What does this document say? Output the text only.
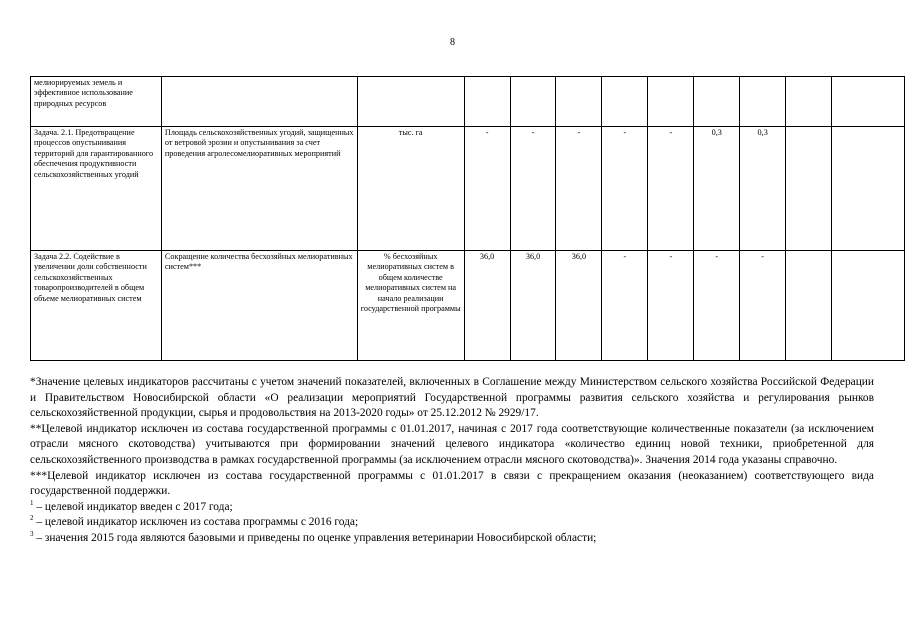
8
мелиорируемых земель и эффективное использование природных ресурсов											
Задача. 2.1. Предотвращение процессов опустынивания территорий для гарантированного обеспечения продуктивности сельскохозяйственных угодий	Площадь сельскохозяйственных угодий, защищенных от ветровой эрозии и опустынивания за счет проведения агролесомелиоративных мероприятий	тыс. га	-	-	-	-	-	0,3	0,3		
Задача 2.2. Содействие в увеличении доли собственности сельскохозяйственных товаропроизводителей в общем объеме мелиоративных систем	Сокращение количества бесхозяйных мелиоративных систем***	% бесхозяйных мелиоративных систем в общем количестве мелиоративных систем на начало реализации государственной программы	36,0	36,0	36,0	-	-	-	-		

*Значение целевых индикаторов рассчитаны с учетом значений показателей, включенных в Соглашение между Министерством сельского хозяйства Российской Федерации и Правительством Новосибирской области «О реализации мероприятий Государственной программы развития сельского хозяйства и регулирования рынков сельскохозяйственной продукции, сырья и продовольствия на 2013-2020 годы» от 25.12.2012 № 2929/17.

**Целевой индикатор исключен из состава государственной программы с 01.01.2017, начиная с 2017 года соответствующие количественные показатели (за исключением отрасли мясного скотоводства) учитываются при формировании значений целевого индикатора «количество единиц новой техники, приобретенной для сельскохозяйственного производства в рамках государственной программы (за исключением отрасли мясного скотоводства)». Значения 2014 года указаны справочно.

***Целевой индикатор исключен из состава государственной программы с 01.01.2017 в связи с прекращением оказания (неоказанием) соответствующего вида государственной поддержки.

$^1$ – целевой индикатор введен с 2017 года;

$^2$ – целевой индикатор исключен из состава программы с 2016 года;

$^3$ – значения 2015 года являются базовыми и приведены по оценке управления ветеринарии Новосибирской области;
